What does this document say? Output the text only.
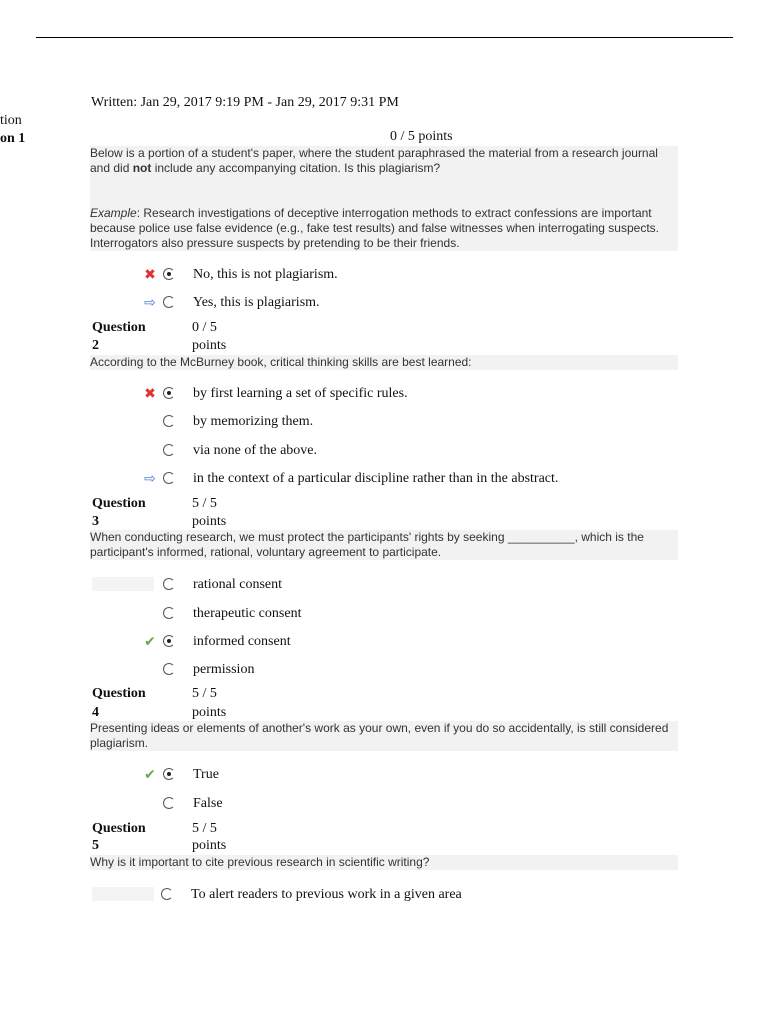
tion
on 1
Written: Jan 29, 2017 9:19 PM - Jan 29, 2017 9:31 PM
0 / 5 points

Below is a portion of a student's paper, where the student paraphrased the material from a research journal and did not include any accompanying citation. Is this plagiarism?

Example: Research investigations of deceptive interrogation methods to extract confessions are important because police use false evidence (e.g., fake test results) and false witnesses when interrogating suspects. Interrogators also pressure suspects by pretending to be their friends.

✖	No, this is not plagiarism.
⇨	Yes, this is plagiarism.
Question	0 / 5
2	points
According to the McBurney book, critical thinking skills are best learned:
✖	by first learning a set of specific rules.
by memorizing them.
via none of the above.
⇨	in the context of a particular discipline rather than in the abstract.
Question	5 / 5
3	points
When conducting research, we must protect the participants' rights by seeking __________, which is the participant's informed, rational, voluntary agreement to participate.
rational consent
therapeutic consent
✔	informed consent
permission
Question	5 / 5
4	points
Presenting ideas or elements of another's work as your own, even if you do so accidentally, is still considered plagiarism.
✔	True
False
Question	5 / 5
5	points
Why is it important to cite previous research in scientific writing?
To alert readers to previous work in a given area
